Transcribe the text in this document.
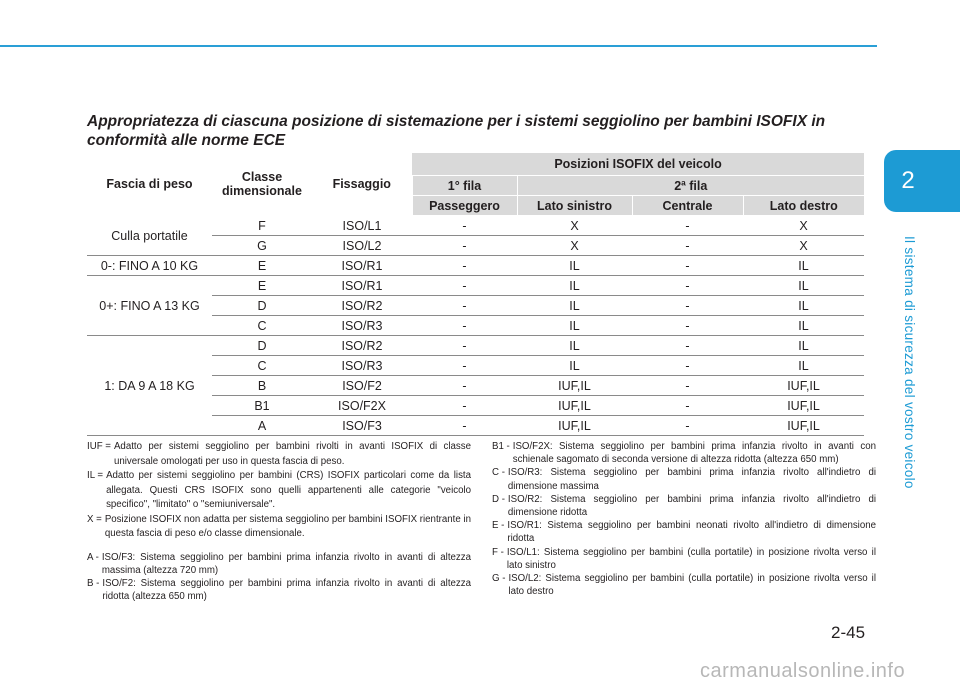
2
Il sistema di sicurezza del vostro veicolo
Appropriatezza di ciascuna posizione di sistemazione per i sistemi seggiolino per bambini ISOFIX in conformità alle norme ECE
Fascia di peso	Classe dimensionale	Fissaggio	Posizioni ISOFIX del veicolo			
			1° fila	2ª fila		
			Passeggero	Lato sinistro	Centrale	Lato destro
Culla portatile	F	ISO/L1	-	X	-	X
	G	ISO/L2	-	X	-	X
0-: FINO A 10 KG	E	ISO/R1	-	IL	-	IL
0+: FINO A 13 KG	E	ISO/R1	-	IL	-	IL
	D	ISO/R2	-	IL	-	IL
	C	ISO/R3	-	IL	-	IL
1: DA 9 A 18 KG	D	ISO/R2	-	IL	-	IL
	C	ISO/R3	-	IL	-	IL
	B	ISO/F2	-	IUF,IL	-	IUF,IL
	B1	ISO/F2X	-	IUF,IL	-	IUF,IL
	A	ISO/F3	-	IUF,IL	-	IUF,IL
IUF = Adatto per sistemi seggiolino per bambini rivolti in avanti ISOFIX di classe universale omologati per uso in questa fascia di peso.
IL = Adatto per sistemi seggiolino per bambini (CRS) ISOFIX particolari come da lista allegata. Questi CRS ISOFIX sono quelli appartenenti alle categorie "veicolo specifico", "limitato" o "semiuniversale".
X = Posizione ISOFIX non adatta per sistema seggiolino per bambini ISOFIX rientrante in questa fascia di peso e/o classe dimensionale.
A - ISO/F3: Sistema seggiolino per bambini prima infanzia rivolto in avanti di altezza massima (altezza 720 mm)
B - ISO/F2: Sistema seggiolino per bambini prima infanzia rivolto in avanti di altezza ridotta (altezza 650 mm)
B1 - ISO/F2X: Sistema seggiolino per bambini prima infanzia rivolto in avanti con schienale sagomato di seconda versione di altezza ridotta (altezza 650 mm)
C - ISO/R3: Sistema seggiolino per bambini prima infanzia rivolto all'indietro di dimensione massima
D - ISO/R2: Sistema seggiolino per bambini prima infanzia rivolto all'indietro di dimensione ridotta
E - ISO/R1: Sistema seggiolino per bambini neonati rivolto all'indietro di dimensione ridotta
F - ISO/L1: Sistema seggiolino per bambini (culla portatile) in posizione rivolta verso il lato sinistro
G - ISO/L2: Sistema seggiolino per bambini (culla portatile) in posizione rivolta verso il lato destro
2-45
carmanualsonline.info
